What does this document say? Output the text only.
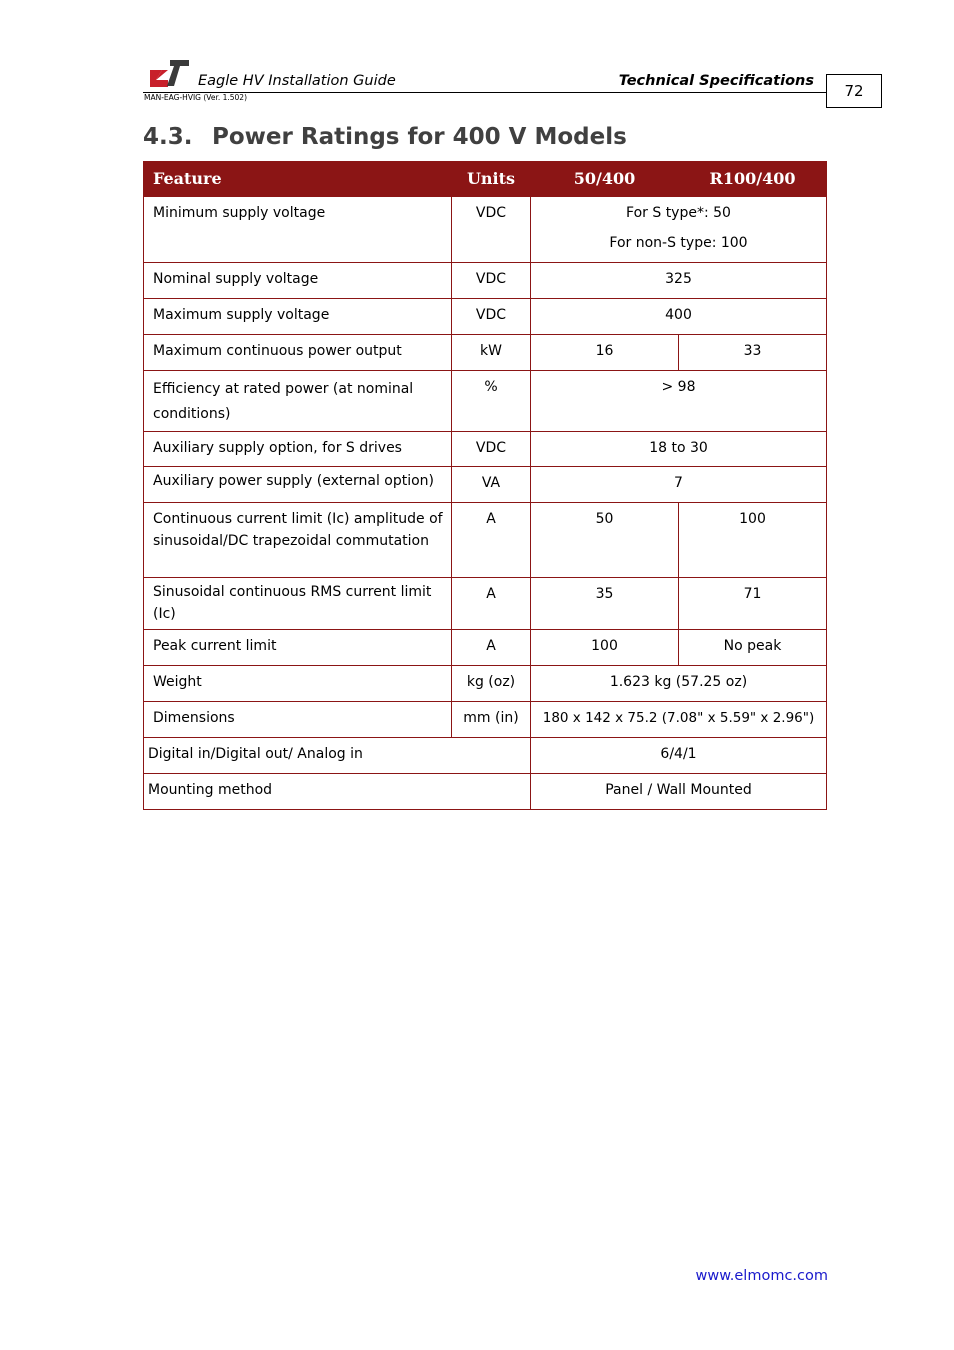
Eagle HV Installation Guide	Technical Specifications
MAN-EAG-HVIG (Ver. 1.502)	72
4.3. Power Ratings for 400 V Models
Feature	Units	50/400	R100/400
Minimum supply voltage	VDC	For S type*: 50
For non-S type: 100	

Nominal supply voltage	VDC	325	
Maximum supply voltage	VDC	400	
Maximum continuous power output	kW	16	33
Efficiency at rated power (at nominal conditions)	%	> 98	
Auxiliary supply option, for S drives	VDC	18 to 30	
Auxiliary power supply (external option)	VA	7	
Continuous current limit (Ic) amplitude of sinusoidal/DC trapezoidal commutation	A	50	100
Sinusoidal continuous RMS current limit (Ic)	A	35	71
Peak current limit	A	100	No peak
Weight	kg (oz)	1.623 kg (57.25 oz)	
Dimensions	mm (in)	180 x 142 x 75.2 (7.08" x 5.59" x 2.96")	
Digital in/Digital out/ Analog in		6/4/1	
Mounting method		Panel / Wall Mounted	
www.elmomc.com
